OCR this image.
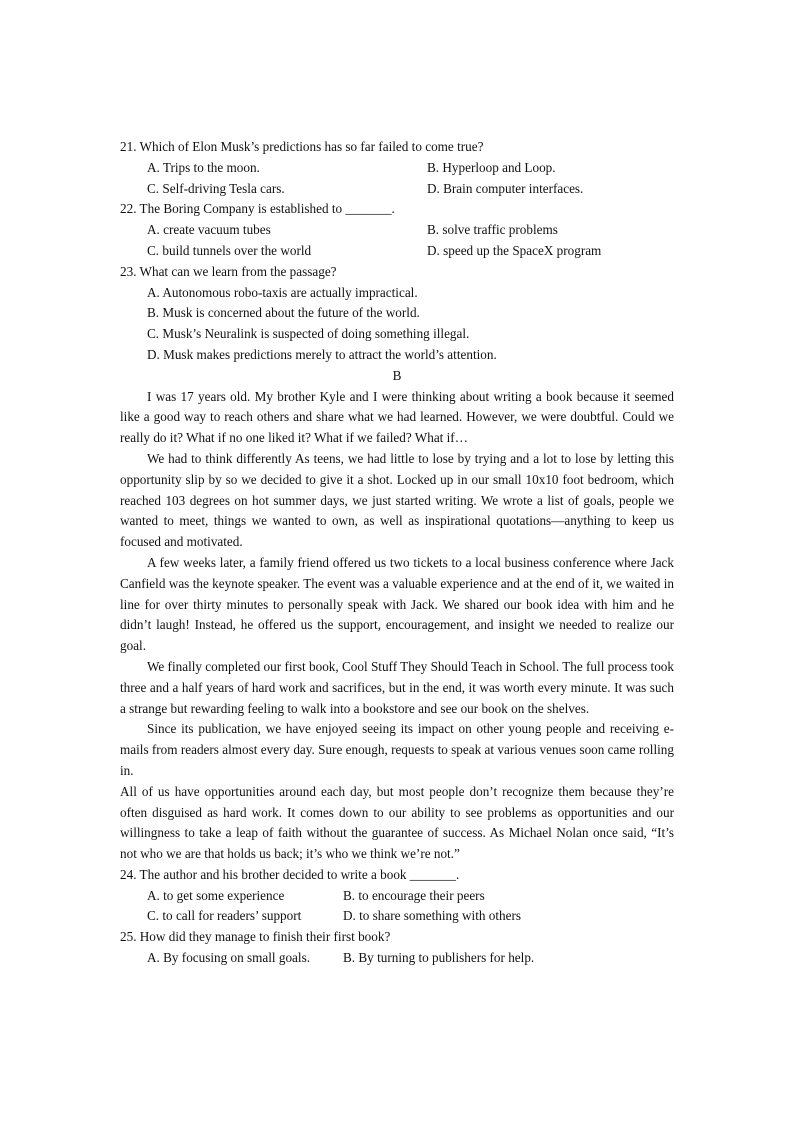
21. Which of Elon Musk’s predictions has so far failed to come true?
A. Trips to the moon.	B. Hyperloop and Loop.
C. Self-driving Tesla cars.	D. Brain computer interfaces.
22. The Boring Company is established to _______.
A. create vacuum tubes	B. solve traffic problems
C. build tunnels over the world	D. speed up the SpaceX program
23. What can we learn from the passage?
A. Autonomous robo-taxis are actually impractical.
B. Musk is concerned about the future of the world.
C. Musk’s Neuralink is suspected of doing something illegal.
D. Musk makes predictions merely to attract the world’s attention.
B
I was 17 years old. My brother Kyle and I were thinking about writing a book because it seemed like a good way to reach others and share what we had learned. However, we were doubtful. Could we really do it? What if no one liked it? What if we failed? What if…
We had to think differently As teens, we had little to lose by trying and a lot to lose by letting this opportunity slip by so we decided to give it a shot. Locked up in our small 10x10 foot bedroom, which reached 103 degrees on hot summer days, we just started writing. We wrote a list of goals, people we wanted to meet, things we wanted to own, as well as inspirational quotations—anything to keep us focused and motivated.
A few weeks later, a family friend offered us two tickets to a local business conference where Jack Canfield was the keynote speaker. The event was a valuable experience and at the end of it, we waited in line for over thirty minutes to personally speak with Jack. We shared our book idea with him and he didn’t laugh! Instead, he offered us the support, encouragement, and insight we needed to realize our goal.
We finally completed our first book, Cool Stuff They Should Teach in School. The full process took three and a half years of hard work and sacrifices, but in the end, it was worth every minute. It was such a strange but rewarding feeling to walk into a bookstore and see our book on the shelves.
Since its publication, we have enjoyed seeing its impact on other young people and receiving e-mails from readers almost every day. Sure enough, requests to speak at various venues soon came rolling in.
All of us have opportunities around each day, but most people don’t recognize them because they’re often disguised as hard work. It comes down to our ability to see problems as opportunities and our willingness to take a leap of faith without the guarantee of success. As Michael Nolan once said, “It’s not who we are that holds us back; it’s who we think we’re not.”
24. The author and his brother decided to write a book _______.
A. to get some experience	B. to encourage their peers
C. to call for readers’ support	D. to share something with others
25. How did they manage to finish their first book?
A. By focusing on small goals.	B. By turning to publishers for help.
